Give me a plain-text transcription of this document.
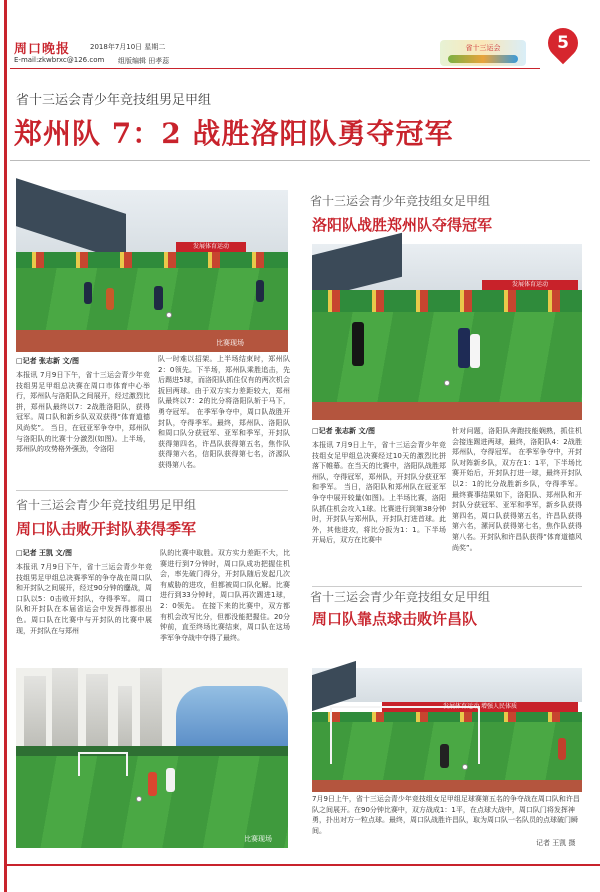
周口晚报	2018年7月10日 星期二
E-mail:zkwbrxc@126.com 组版编辑 田孝蕊
省十三运会	5
省十三运会青少年竞技组男足甲组
郑州队 7：2 战胜洛阳队勇夺冠军
发展体育运动
比赛现场
□记者 张志新 文/图
本报讯 7月9日下午，省十三运会青少年竞技组男足甲组总决赛在周口市体育中心举行，郑州队与洛阳队之间展开，经过激烈比拼，郑州队最终以7：2战胜洛阳队，获得冠军。周口队和新乡队双双获得“体育道德风尚奖”。 当日，在冠亚军争夺中，郑州队与洛阳队的比赛十分激烈(如图)。上半场，郑州队的攻势格外强劲，令洛阳
队一时难以招架。上半场结束时，郑州队2：0领先。下半场，郑州队乘胜追击，先后踢进5球，而洛阳队抓住仅有的两次机会扳回两球。由于双方实力差距较大，郑州队最终以7：2的比分将洛阳队斩于马下，勇夺冠军。 在季军争夺中，周口队战胜开封队，夺得季军。最终，郑州队、洛阳队和周口队分获冠军、亚军和季军，开封队获得第四名，许昌队获得第五名，焦作队获得第六名，信阳队获得第七名，济源队获得第八名。
省十三运会青少年竞技组男足甲组
周口队击败开封队获得季军
□记者 王凯 文/图
本报讯 7月9日下午，省十三运会青少年竞技组男足甲组总决赛季军的争夺战在周口队和开封队之间展开，经过90分钟的鏖战，周口队以5：0击败开封队，夺得季军。 周口队和开封队在本届省运会中发挥得都很出色。周口队在比赛中与开封队的比赛中展现，开封队在与郑州
队的比赛中取胜。双方实力差距不大，比赛进行到7分钟时，周口队成功把握住机会，率先破门得分，开封队随后发起几次有威胁的进攻，但都被周口队化解。比赛进行到33分钟时，周口队再次踢进1球，2：0领先。 在接下来的比赛中，双方都有机会改写比分，但都没能把握住。20分钟前，直至终场比赛结束，周口队在这场季军争夺战中夺得了最终。
比赛现场
省十三运会青少年竞技组女足甲组
洛阳队战胜郑州队夺得冠军
发展体育运动
□记者 张志新 文/图
本报讯 7月9日上午，省十三运会青少年竞技组女足甲组总决赛经过10天的激烈比拼落下帷幕。在当天的比赛中，洛阳队战胜郑州队，夺得冠军，郑州队，开封队分获亚军和季军。 当日，洛阳队和郑州队在冠亚军争夺中展开较量(如图)。上半场比赛，洛阳队抓住机会攻入1球。比赛进行到第38分钟时，开封队与郑州队，开封队打进首球。此外，其他进攻，将比分扳为1：1。下半场开局后，双方在比赛中
针对问题，洛阳队奔跑技能娴熟，抓住机会接连踢进两球，最终，洛阳队4：2战胜郑州队，夺得冠军。 在季军争夺中，开封队对阵新乡队，双方在1：1平，下半场比赛开始后，开封队打进一球，最终开封队以2：1的比分战胜新乡队，夺得季军。 最终赛事结果如下，洛阳队、郑州队和开封队分获冠军、亚军和季军，新乡队获得第四名，周口队获得第五名，许昌队获得第六名，漯河队获得第七名，焦作队获得第八名。开封队和许昌队获得“体育道德风尚奖”。
省十三运会青少年竞技组女足甲组
周口队靠点球击败许昌队
发展体育运动 增强人民体质
7月9日上午，省十三运会青少年竞技组女足甲组足球赛第五名的争夺战在周口队和许昌队之间展开。在90分钟比赛中，双方战成1：1平，在点球大战中，周口队门将发挥神勇，扑出对方一粒点球。最终，周口队战胜许昌队，取为周口队一名队员的点球破门瞬间。
记者 王凯 摄
